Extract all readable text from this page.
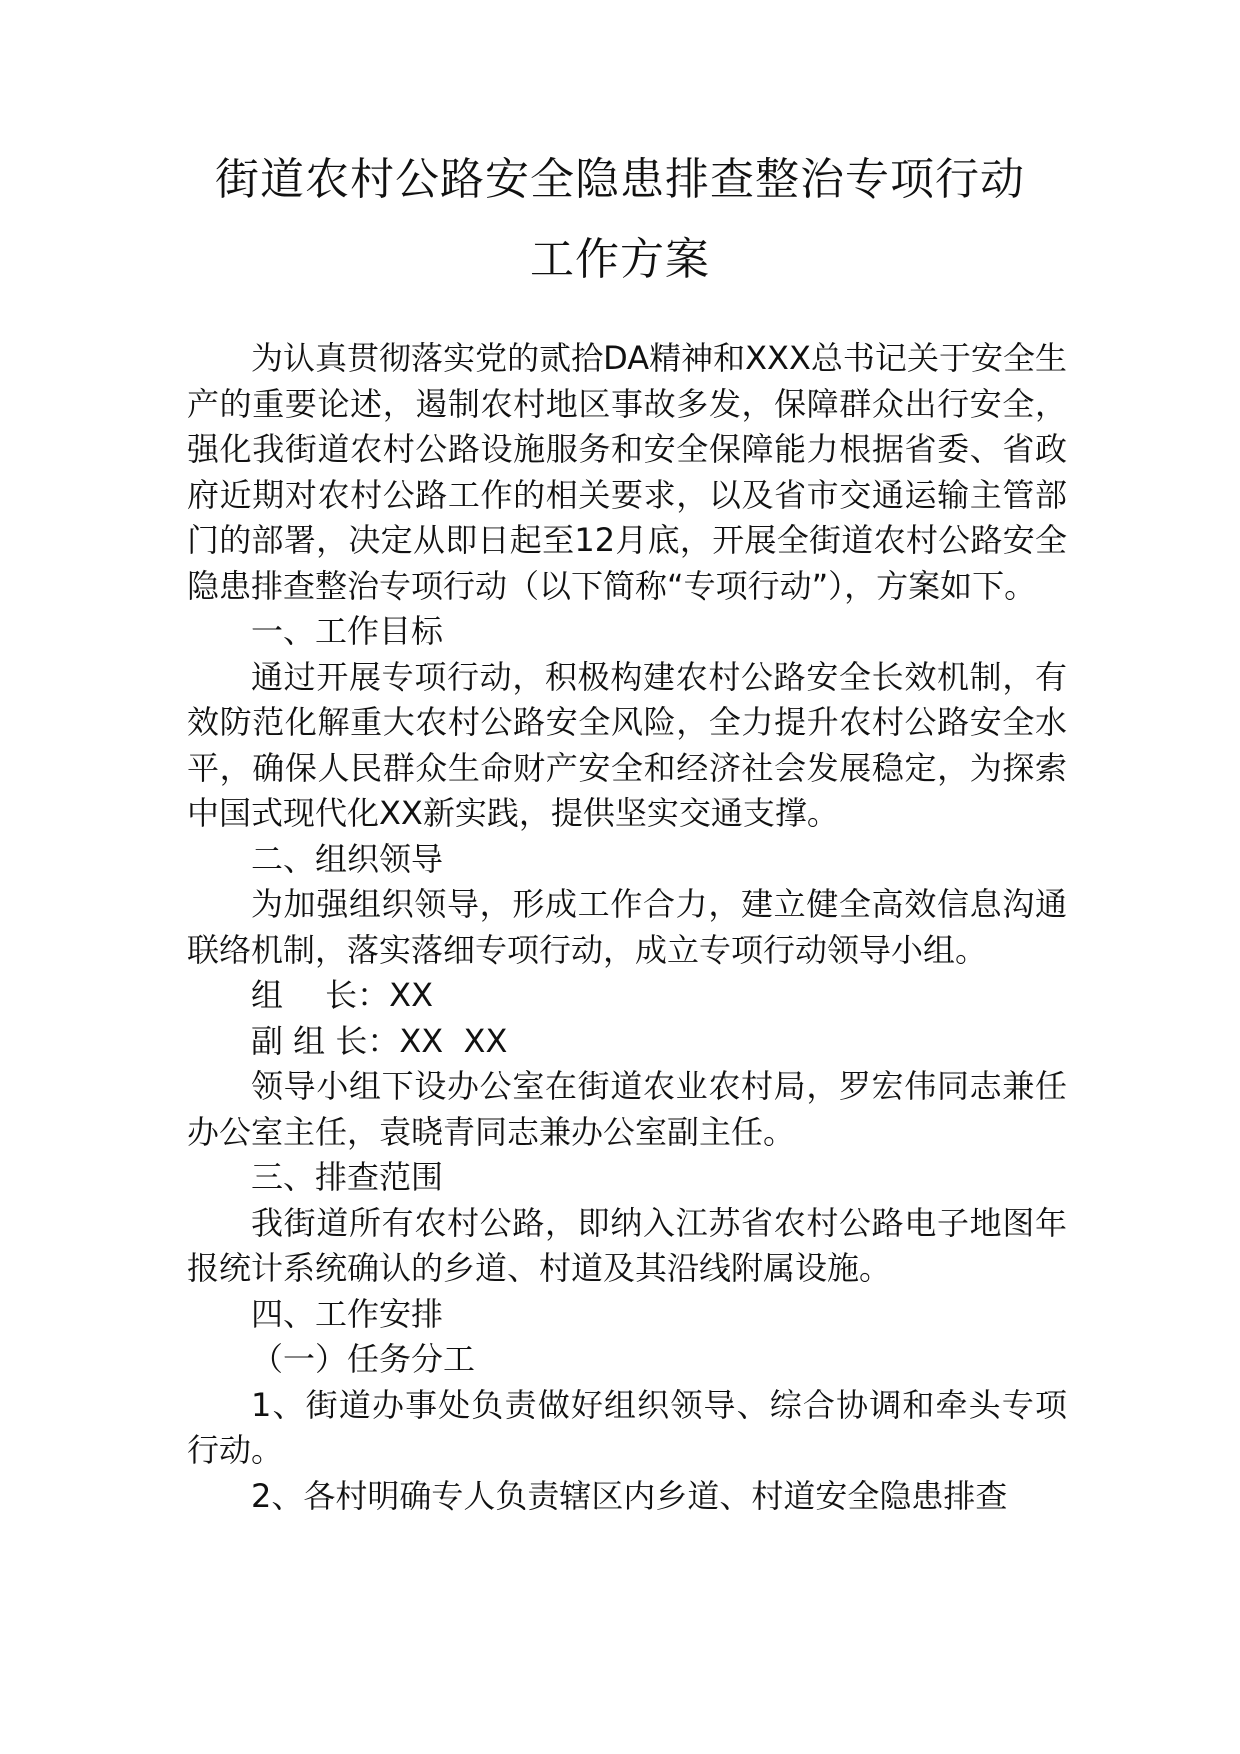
街道农村公路安全隐患排查整治专项行动
工作方案

为认真贯彻落实党的贰拾DA精神和XXX总书记关于安全生产的重要论述，遏制农村地区事故多发，保障群众出行安全，强化我街道农村公路设施服务和安全保障能力根据省委、省政府近期对农村公路工作的相关要求，以及省市交通运输主管部门的部署，决定从即日起至12月底，开展全街道农村公路安全隐患排查整治专项行动（以下简称“专项行动”），方案如下。

一、工作目标

通过开展专项行动，积极构建农村公路安全长效机制，有效防范化解重大农村公路安全风险，全力提升农村公路安全水平，确保人民群众生命财产安全和经济社会发展稳定，为探索中国式现代化XX新实践，提供坚实交通支撑。

二、组织领导

为加强组织领导，形成工作合力，建立健全高效信息沟通联络机制，落实落细专项行动，成立专项行动领导小组。

组　 长：XX

副 组 长：XX  XX

领导小组下设办公室在街道农业农村局，罗宏伟同志兼任办公室主任，袁晓青同志兼办公室副主任。

三、排查范围

我街道所有农村公路，即纳入江苏省农村公路电子地图年报统计系统确认的乡道、村道及其沿线附属设施。

四、工作安排

（一）任务分工

1、街道办事处负责做好组织领导、综合协调和牵头专项行动。

2、各村明确专人负责辖区内乡道、村道安全隐患排查
